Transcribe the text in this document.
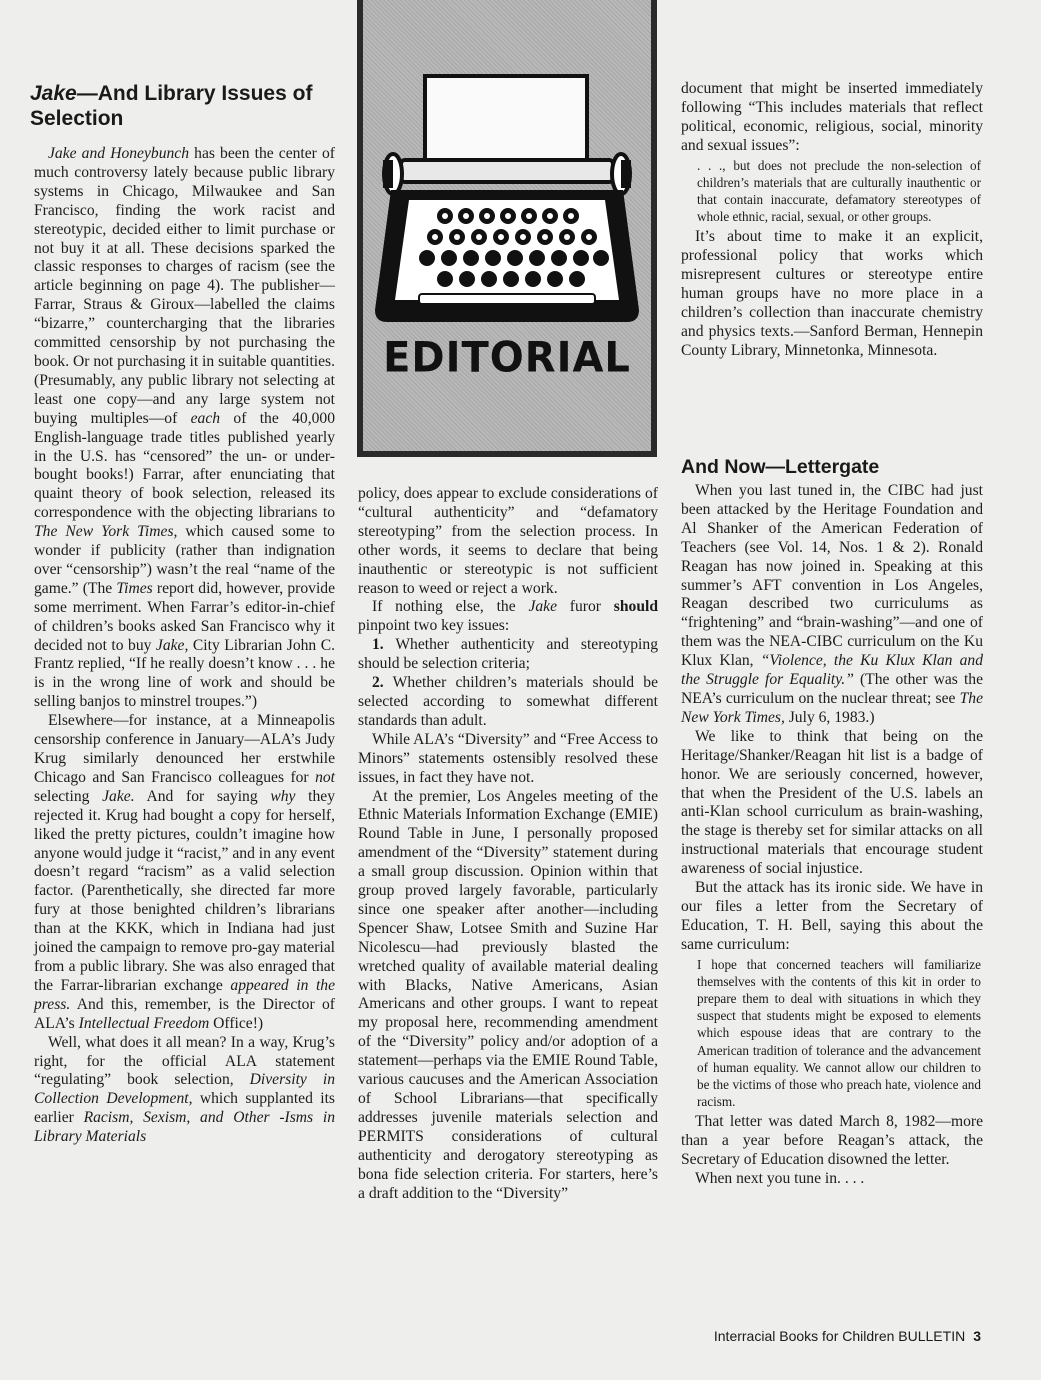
Jake—And Library Issues of Selection

Jake and Honeybunch has been the center of much controversy lately because public library systems in Chicago, Milwaukee and San Francisco, finding the work racist and stereotypic, decided either to limit purchase or not buy it at all. These decisions sparked the classic responses to charges of racism (see the article beginning on page 4). The publisher—Farrar, Straus & Giroux—labelled the claims “bizarre,” countercharging that the libraries committed censorship by not purchasing the book. Or not purchasing it in suitable quantities. (Presumably, any public library not selecting at least one copy—and any large system not buying multiples—of each of the 40,000 English-language trade titles published yearly in the U.S. has “censored” the un- or under-bought books!) Farrar, after enunciating that quaint theory of book selection, released its correspondence with the objecting librarians to The New York Times, which caused some to wonder if publicity (rather than indignation over “censorship”) wasn’t the real “name of the game.” (The Times report did, however, provide some merriment. When Farrar’s editor-in-chief of children’s books asked San Francisco why it decided not to buy Jake, City Librarian John C. Frantz replied, “If he really doesn’t know . . . he is in the wrong line of work and should be selling banjos to minstrel troupes.”)

Elsewhere—for instance, at a Minneapolis censorship conference in January—ALA’s Judy Krug similarly denounced her erstwhile Chicago and San Francisco colleagues for not selecting Jake. And for saying why they rejected it. Krug had bought a copy for herself, liked the pretty pictures, couldn’t imagine how anyone would judge it “racist,” and in any event doesn’t regard “racism” as a valid selection factor. (Parenthetically, she directed far more fury at those benighted children’s librarians than at the KKK, which in Indiana had just joined the campaign to remove pro-gay material from a public library. She was also enraged that the Farrar-librarian exchange appeared in the press. And this, remember, is the Director of ALA’s Intellectual Freedom Office!)

Well, what does it all mean? In a way, Krug’s right, for the official ALA statement “regulating” book selection, Diversity in Collection Development, which supplanted its earlier Racism, Sexism, and Other -Isms in Library Materials

EDITORIAL

policy, does appear to exclude considerations of “cultural authenticity” and “defamatory stereotyping” from the selection process. In other words, it seems to declare that being inauthentic or stereotypic is not sufficient reason to weed or reject a work.

If nothing else, the Jake furor should pinpoint two key issues:

1. Whether authenticity and stereotyping should be selection criteria;

2. Whether children’s materials should be selected according to somewhat different standards than adult.

While ALA’s “Diversity” and “Free Access to Minors” statements ostensibly resolved these issues, in fact they have not.

At the premier, Los Angeles meeting of the Ethnic Materials Information Exchange (EMIE) Round Table in June, I personally proposed amendment of the “Diversity” statement during a small group discussion. Opinion within that group proved largely favorable, particularly since one speaker after another—including Spencer Shaw, Lotsee Smith and Suzine Har Nicolescu—had previously blasted the wretched quality of available material dealing with Blacks, Native Americans, Asian Americans and other groups. I want to repeat my proposal here, recommending amendment of the “Diversity” policy and/or adoption of a statement—perhaps via the EMIE Round Table, various caucuses and the American Association of School Librarians—that specifically addresses juvenile materials selection and PERMITS considerations of cultural authenticity and derogatory stereotyping as bona fide selection criteria. For starters, here’s a draft addition to the “Diversity”

document that might be inserted immediately following “This includes materials that reflect political, economic, religious, social, minority and sexual issues”:

. . ., but does not preclude the non-selection of children’s materials that are culturally inauthentic or that contain inaccurate, defamatory stereotypes of whole ethnic, racial, sexual, or other groups.

It’s about time to make it an explicit, professional policy that works which misrepresent cultures or stereotype entire human groups have no more place in a children’s collection than inaccurate chemistry and physics texts.—Sanford Berman, Hennepin County Library, Minnetonka, Minnesota.

And Now—Lettergate

When you last tuned in, the CIBC had just been attacked by the Heritage Foundation and Al Shanker of the American Federation of Teachers (see Vol. 14, Nos. 1 & 2). Ronald Reagan has now joined in. Speaking at this summer’s AFT convention in Los Angeles, Reagan described two curriculums as “frightening” and “brain-washing”—and one of them was the NEA-CIBC curriculum on the Ku Klux Klan, “Violence, the Ku Klux Klan and the Struggle for Equality.” (The other was the NEA’s curriculum on the nuclear threat; see The New York Times, July 6, 1983.)

We like to think that being on the Heritage/Shanker/Reagan hit list is a badge of honor. We are seriously concerned, however, that when the President of the U.S. labels an anti-Klan school curriculum as brain-washing, the stage is thereby set for similar attacks on all instructional materials that encourage student awareness of social injustice.

But the attack has its ironic side. We have in our files a letter from the Secretary of Education, T. H. Bell, saying this about the same curriculum:

I hope that concerned teachers will familiarize themselves with the contents of this kit in order to prepare them to deal with situations in which they suspect that students might be exposed to elements which espouse ideas that are contrary to the American tradition of tolerance and the advancement of human equality. We cannot allow our children to be the victims of those who preach hate, violence and racism.

That letter was dated March 8, 1982—more than a year before Reagan’s attack, the Secretary of Education disowned the letter.

When next you tune in. . . .

Interracial Books for Children BULLETIN 3
